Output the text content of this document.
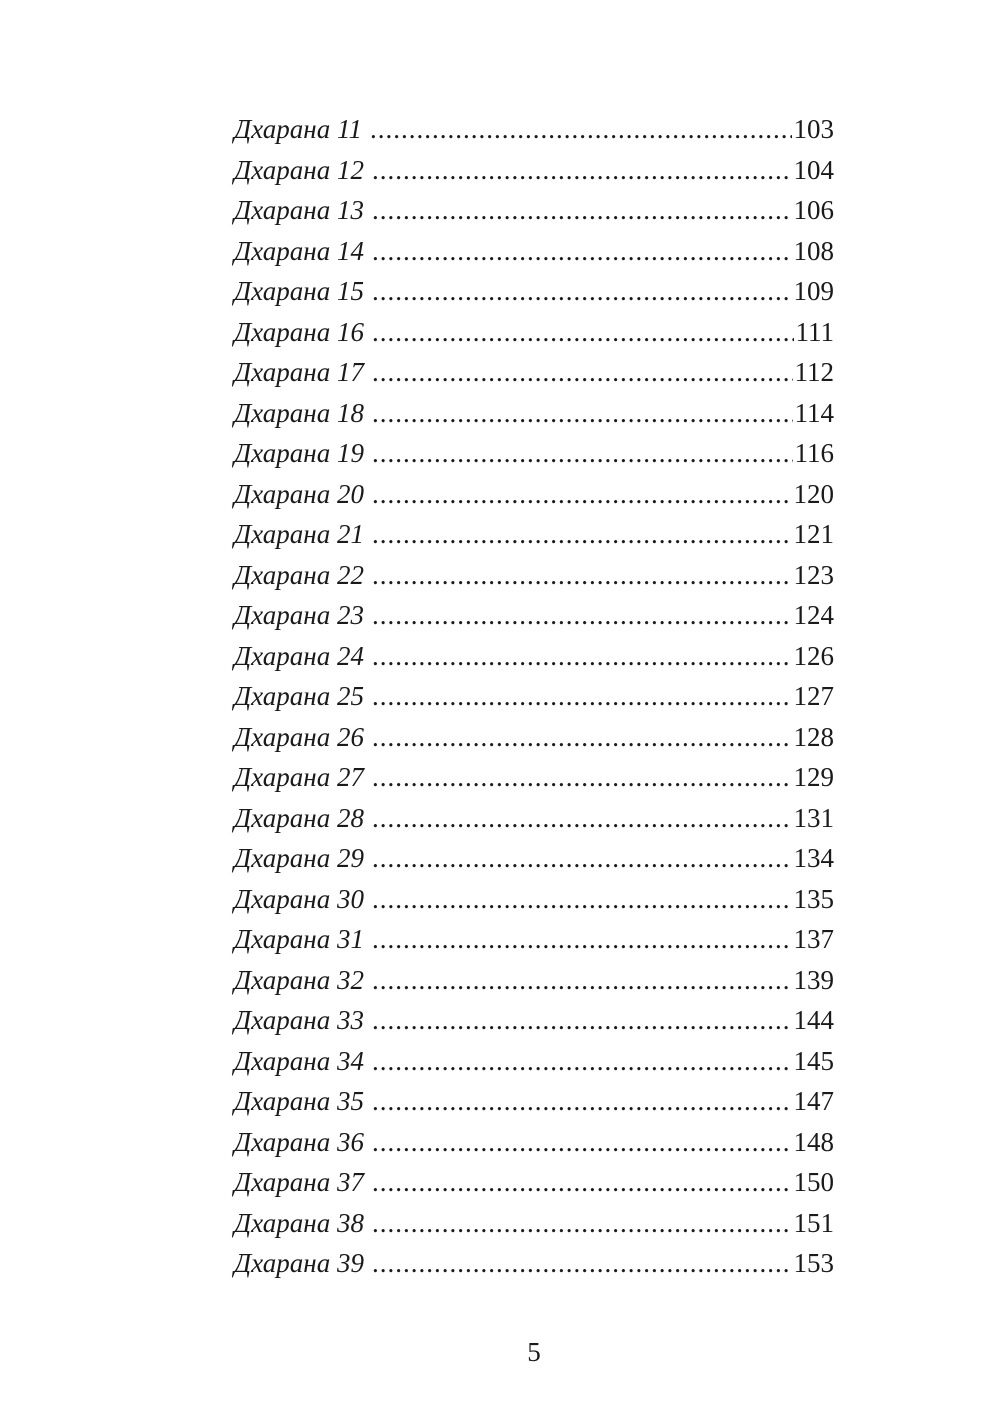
Дхарана 11 .....	103
Дхарана 12 .....	104
Дхарана 13 .....	106
Дхарана 14 .....	108
Дхарана 15 .....	109
Дхарана 16 .....	111
Дхарана 17 .....	112
Дхарана 18 .....	114
Дхарана 19 .....	116
Дхарана 20 .....	120
Дхарана 21 .....	121
Дхарана 22 .....	123
Дхарана 23 .....	124
Дхарана 24 .....	126
Дхарана 25 .....	127
Дхарана 26 .....	128
Дхарана 27 .....	129
Дхарана 28 .....	131
Дхарана 29 .....	134
Дхарана 30 .....	135
Дхарана 31 .....	137
Дхарана 32 .....	139
Дхарана 33 .....	144
Дхарана 34 .....	145
Дхарана 35 .....	147
Дхарана 36 .....	148
Дхарана 37 .....	150
Дхарана 38 .....	151
Дхарана 39 .....	153
5
